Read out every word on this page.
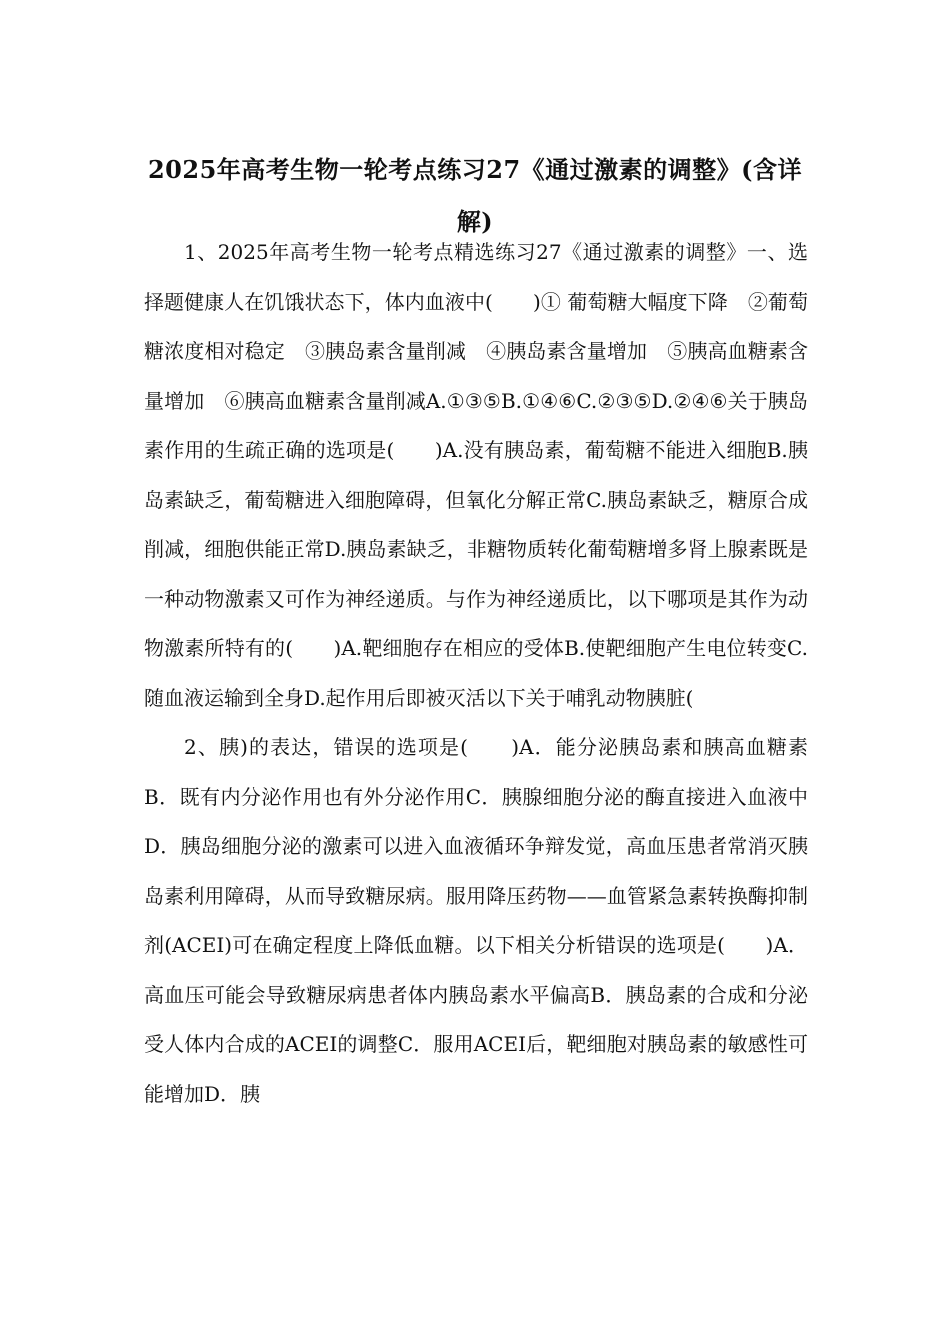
2025年高考生物一轮考点练习27《通过激素的调整》(含详解)

1、2025年高考生物一轮考点精选练习27《通过激素的调整》一、选择题健康人在饥饿状态下，体内血液中(　　)① 葡萄糖大幅度下降　②葡萄糖浓度相对稳定　③胰岛素含量削减　④胰岛素含量增加　⑤胰高血糖素含量增加　⑥胰高血糖素含量削减A.①③⑤B.①④⑥C.②③⑤D.②④⑥关于胰岛素作用的生疏正确的选项是(　　)A.没有胰岛素，葡萄糖不能进入细胞B.胰岛素缺乏，葡萄糖进入细胞障碍，但氧化分解正常C.胰岛素缺乏，糖原合成削减，细胞供能正常D.胰岛素缺乏，非糖物质转化葡萄糖增多肾上腺素既是一种动物激素又可作为神经递质。与作为神经递质比，以下哪项是其作为动物激素所特有的(　　)A.靶细胞存在相应的受体B.使靶细胞产生电位转变C.随血液运输到全身D.起作用后即被灭活以下关于哺乳动物胰脏(

2、胰)的表达，错误的选项是(　　)A．能分泌胰岛素和胰高血糖素B．既有内分泌作用也有外分泌作用C．胰腺细胞分泌的酶直接进入血液中D．胰岛细胞分泌的激素可以进入血液循环争辩发觉，高血压患者常消灭胰岛素利用障碍，从而导致糖尿病。服用降压药物——血管紧急素转换酶抑制剂(ACEI)可在确定程度上降低血糖。以下相关分析错误的选项是(　　)A．高血压可能会导致糖尿病患者体内胰岛素水平偏高B．胰岛素的合成和分泌受人体内合成的ACEI的调整C．服用ACEI后，靶细胞对胰岛素的敏感性可能增加D．胰
